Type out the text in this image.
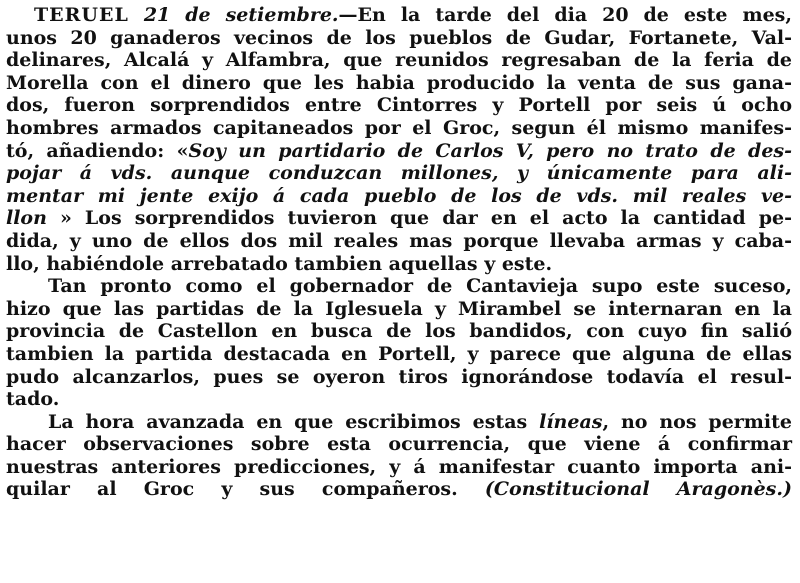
TERUEL 21 de setiembre.—En la tarde del dia 20 de este mes,
unos 20 ganaderos vecinos de los pueblos de Gudar, Fortanete, Val-
delinares, Alcalá y Alfambra, que reunidos regresaban de la feria de
Morella con el dinero que les habia producido la venta de sus gana-
dos, fueron sorprendidos entre Cintorres y Portell por seis ú ocho
hombres armados capitaneados por el Groc, segun él mismo manifes-
tó, añadiendo: «Soy un partidario de Carlos V, pero no trato de des-
pojar á vds. aunque conduzcan millones, y únicamente para ali-
mentar mi jente exijo á cada pueblo de los de vds. mil reales ve-
llon » Los sorprendidos tuvieron que dar en el acto la cantidad pe-
dida, y uno de ellos dos mil reales mas porque llevaba armas y caba-
llo, habiéndole arrebatado tambien aquellas y este.
Tan pronto como el gobernador de Cantavieja supo este suceso,
hizo que las partidas de la Iglesuela y Mirambel se internaran en la
provincia de Castellon en busca de los bandidos, con cuyo fin salió
tambien la partida destacada en Portell, y parece que alguna de ellas
pudo alcanzarlos, pues se oyeron tiros ignorándose todavía el resul-
tado.
La hora avanzada en que escribimos estas líneas, no nos permite
hacer observaciones sobre esta ocurrencia, que viene á confirmar
nuestras anteriores predicciones, y á manifestar cuanto importa ani-
quilar al Groc y sus compañeros. (Constitucional Aragonès.)
